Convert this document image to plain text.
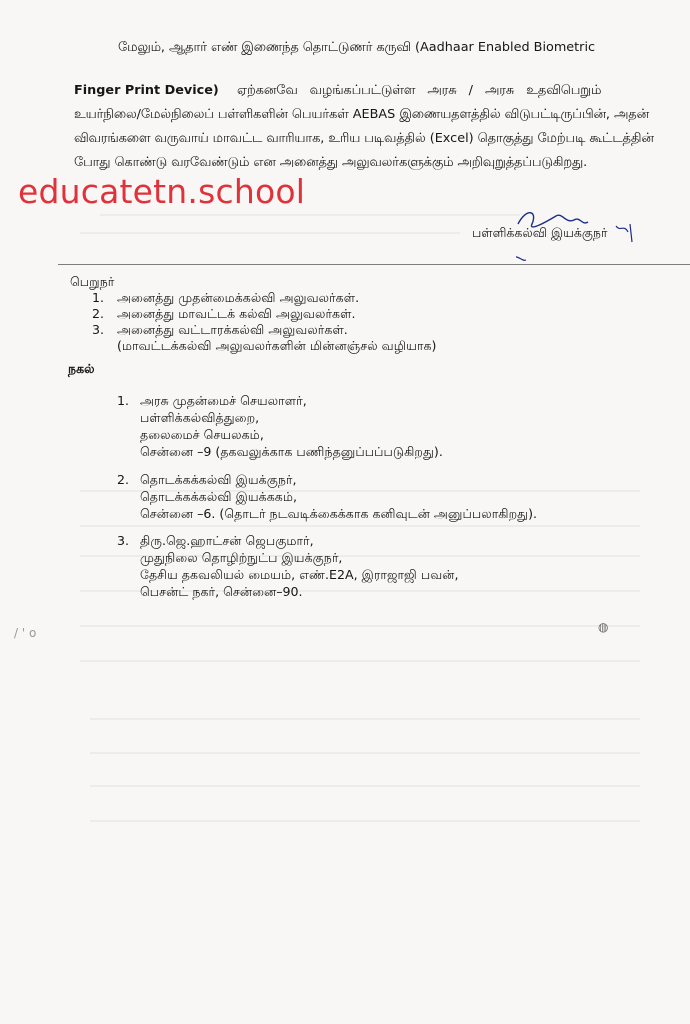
/ ' o	◍
மேலும், ஆதார் எண் இணைந்த தொட்டுணர் கருவி (Aadhaar Enabled Biometric
Finger Print Device) ஏற்கனவே வழங்கப்பட்டுள்ள அரசு / அரசு உதவிபெறும்
உயர்நிலை/மேல்நிலைப் பள்ளிகளின் பெயர்கள் AEBAS இணையதளத்தில் விடுபட்டிருப்பின், அதன்
விவரங்களை வருவாய் மாவட்ட வாரியாக, உரிய படிவத்தில் (Excel) தொகுத்து மேற்படி கூட்டத்தின்
போது கொண்டு வரவேண்டும் என அனைத்து அலுவலர்களுக்கும் அறிவுறுத்தப்படுகிறது.
educatetn.school
பள்ளிக்கல்வி இயக்குநர்
பெறுநர்
1. அனைத்து முதன்மைக்கல்வி அலுவலர்கள்.
2. அனைத்து மாவட்டக் கல்வி அலுவலர்கள்.
3. அனைத்து வட்டாரக்கல்வி அலுவலர்கள்.
(மாவட்டக்கல்வி அலுவலர்களின் மின்னஞ்சல் வழியாக)
நகல்
1. அரசு முதன்மைச் செயலாளர்,
பள்ளிக்கல்வித்துறை,
தலைமைச் செயலகம்,
சென்னை –9 (தகவலுக்காக பணிந்தனுப்பப்படுகிறது).
2. தொடக்கக்கல்வி இயக்குநர்,
தொடக்கக்கல்வி இயக்ககம்,
சென்னை –6. (தொடர் நடவடிக்கைக்காக கனிவுடன் அனுப்பலாகிறது).
3. திரு.ஜெ.ஹாட்சன் ஜெபகுமார்,
முதுநிலை தொழிற்நுட்ப இயக்குநர்,
தேசிய தகவலியல் மையம், எண்.E2A, இராஜாஜி பவன்,
பெசன்ட் நகர், சென்னை–90.
